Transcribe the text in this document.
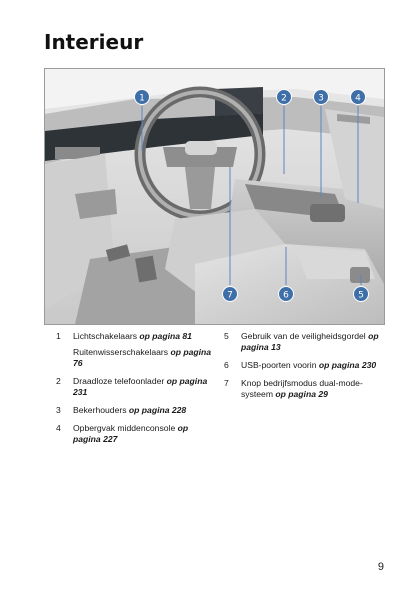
Interieur
1	2	3	4
5
6
7
1	Lichtschakelaars op pagina 81
Ruitenwisserschakelaars op pagina 76
2	Draadloze telefoonlader op pagina 231
3	Bekerhouders op pagina 228
4	Opbergvak middenconsole op pagina 227
5	Gebruik van de veiligheidsgordel op pagina 13
6	USB-poorten voorin op pagina 230
7	Knop bedrijfsmodus dual-mode-systeem op pagina 29
9
